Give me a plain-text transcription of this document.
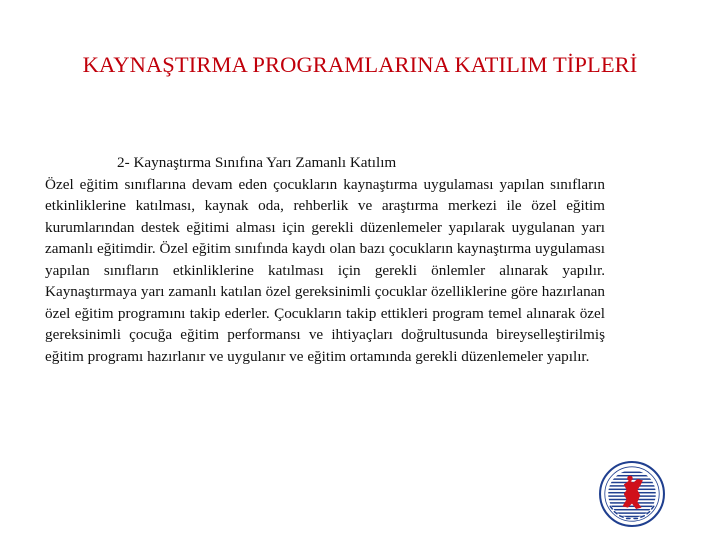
KAYNAŞTIRMA PROGRAMLARINA KATILIM TİPLERİ
2- Kaynaştırma Sınıfına Yarı Zamanlı Katılım

Özel eğitim sınıflarına devam eden çocukların kaynaştırma uygulaması yapılan sınıfların etkinliklerine katılması, kaynak oda, rehberlik ve araştırma merkezi ile özel eğitim kurumlarından destek eğitimi alması için gerekli düzenlemeler yapılarak uygulanan yarı zamanlı eğitimdir. Özel eğitim sınıfında kaydı olan bazı çocukların kaynaştırma uygulaması yapılan sınıfların etkinliklerine katılması için gerekli önlemler alınarak yapılır. Kaynaştırmaya yarı zamanlı katılan özel gereksinimli çocuklar özelliklerine göre hazırlanan özel eğitim programını takip ederler. Çocukların takip ettikleri program temel alınarak özel gereksinimli çocuğa eğitim performansı ve ihtiyaçları doğrultusunda bireyselleştirilmiş eğitim programı hazırlanır ve uygulanır ve eğitim ortamında gerekli düzenlemeler yapılır.
